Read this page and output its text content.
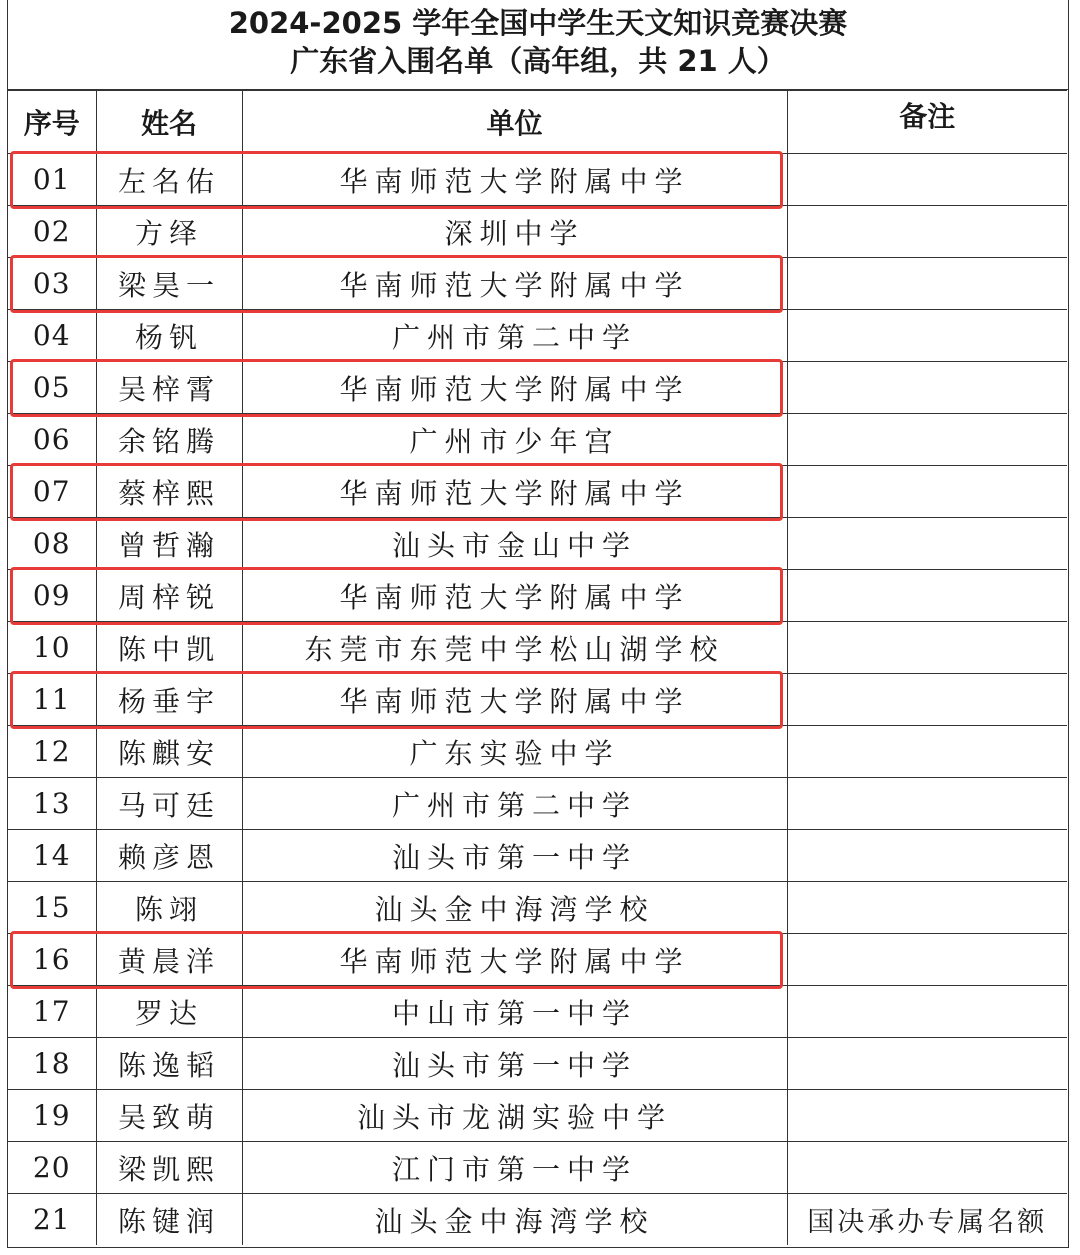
2024-2025 学年全国中学生天文知识竞赛决赛
广东省入围名单（高年组，共 21 人）
序号	姓名	单位	备注
01	左名佑	华南师范大学附属中学	
02	方绎	深圳中学	
03	梁昊一	华南师范大学附属中学	
04	杨钒	广州市第二中学	
05	吴梓霄	华南师范大学附属中学	
06	余铭腾	广州市少年宫	
07	蔡梓熙	华南师范大学附属中学	
08	曾哲瀚	汕头市金山中学	
09	周梓锐	华南师范大学附属中学	
10	陈中凯	东莞市东莞中学松山湖学校	
11	杨垂宇	华南师范大学附属中学	
12	陈麒安	广东实验中学	
13	马可廷	广州市第二中学	
14	赖彦恩	汕头市第一中学	
15	陈翊	汕头金中海湾学校	
16	黄晨洋	华南师范大学附属中学	
17	罗达	中山市第一中学	
18	陈逸韬	汕头市第一中学	
19	吴致萌	汕头市龙湖实验中学	
20	梁凯熙	江门市第一中学	
21	陈键润	汕头金中海湾学校	国决承办专属名额
